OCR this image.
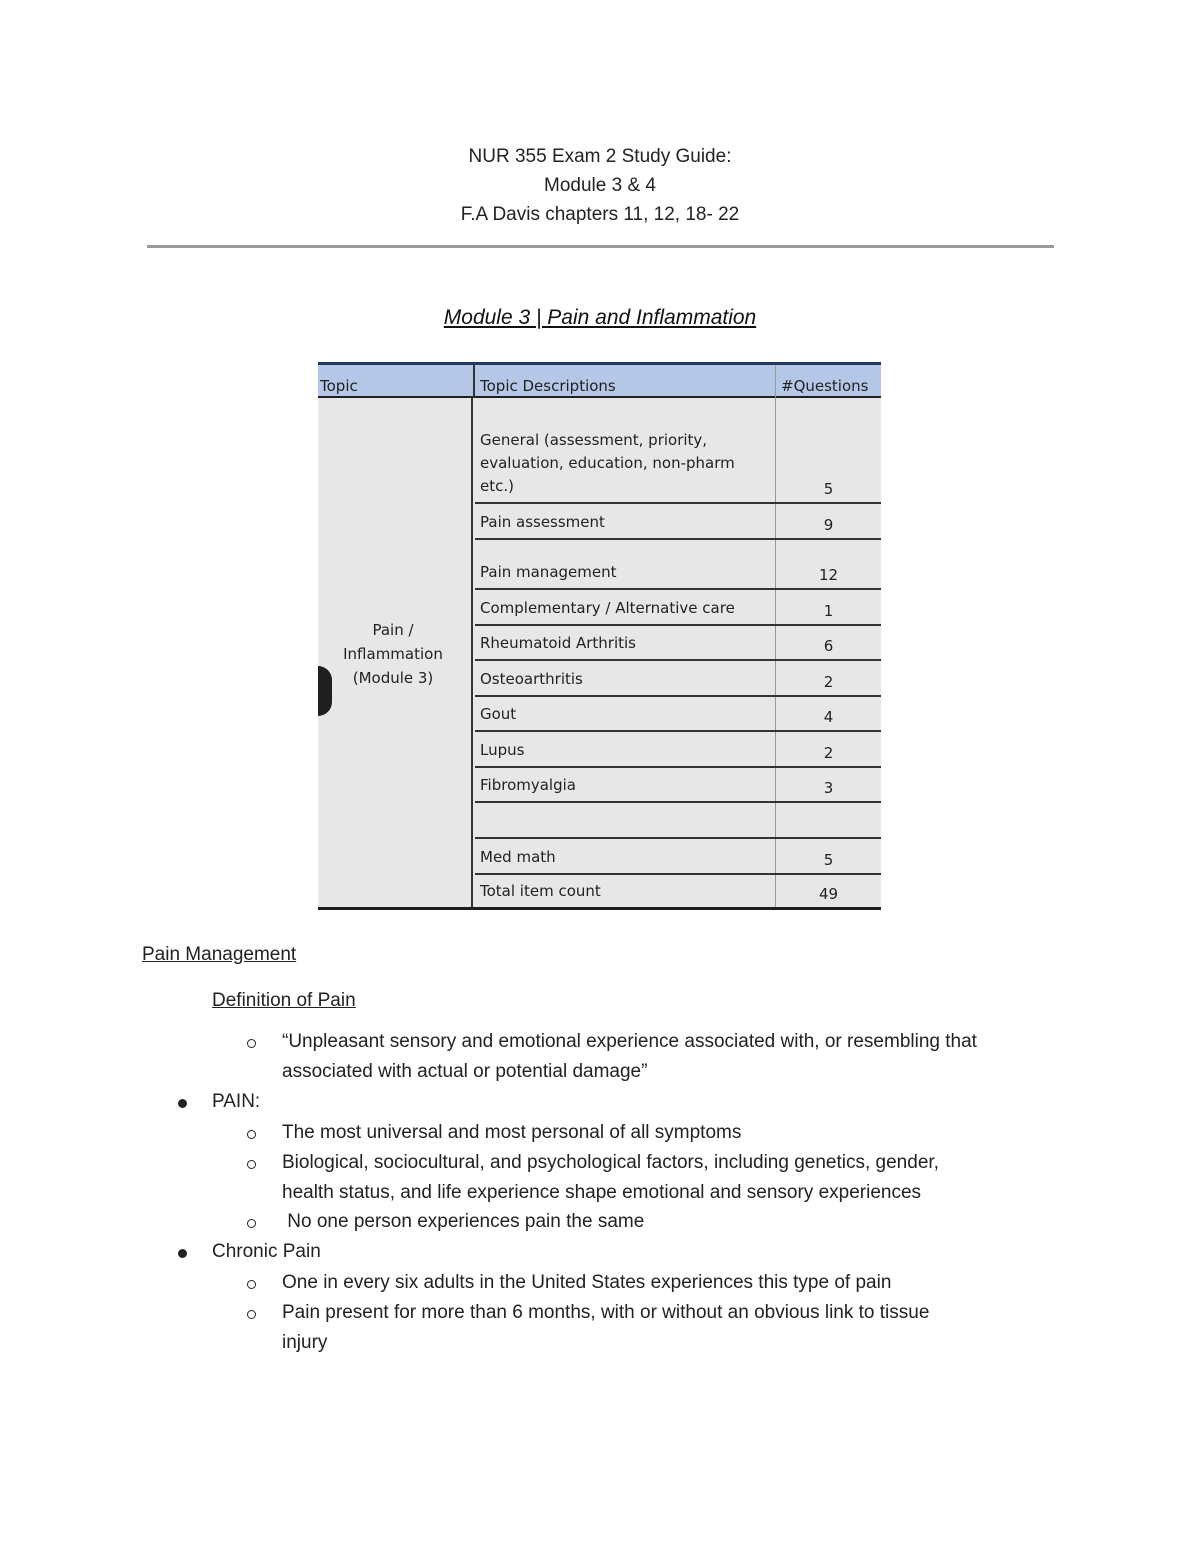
NUR 355 Exam 2 Study Guide:
Module 3 & 4
F.A Davis chapters 11, 12, 18- 22
Module 3 | Pain and Inflammation
Topic	Topic Descriptions	#Questions
Pain /
Inflammation
(Module 3)
General (assessment, priority, evaluation, education, non-pharm etc.)	5
Pain assessment	9
Pain management	12
Complementary / Alternative care	1
Rheumatoid Arthritis	6
Osteoarthritis	2
Gout	4
Lupus	2
Fibromyalgia	3
Med math	5
Total item count	49
Pain Management
Definition of Pain
“Unpleasant sensory and emotional experience associated with, or resembling that
associated with actual or potential damage”
PAIN:
The most universal and most personal of all symptoms
Biological, sociocultural, and psychological factors, including genetics, gender,
health status, and life experience shape emotional and sensory experiences
No one person experiences pain the same
Chronic Pain
One in every six adults in the United States experiences this type of pain
Pain present for more than 6 months, with or without an obvious link to tissue
injury
